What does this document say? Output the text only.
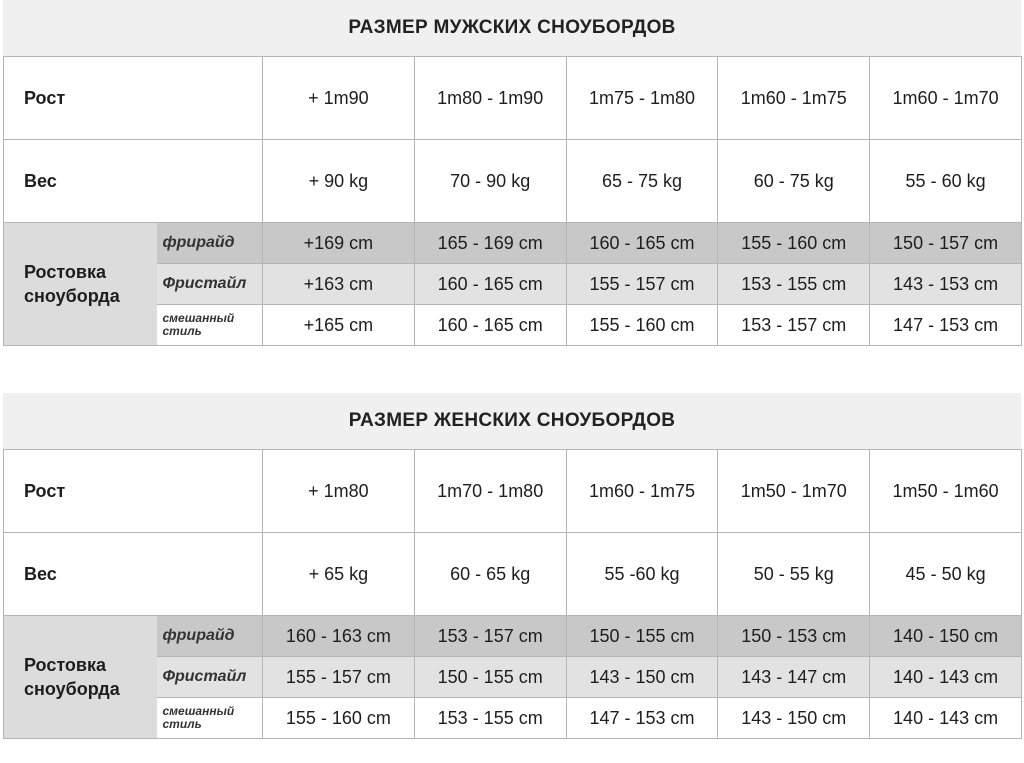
РАЗМЕР МУЖСКИХ СНОУБОРДОВ
Рост		+ 1m90	1m80 - 1m90	1m75 - 1m80	1m60 - 1m75	1m60 - 1m70
Вес		+ 90 kg	70 - 90 kg	65 - 75 kg	60 - 75 kg	55 - 60 kg

Ростовка
сноуборда	фрирайд	+169 cm	165 - 169 cm	160 - 165 cm	155 - 160 cm	150 - 157 cm
	Фристайл	+163 cm	160 - 165 cm	155 - 157 cm	153 - 155 cm	143 - 153 cm

	смешанный
стиль	+165 cm	160 - 165 cm	155 - 160 cm	153 - 157 cm	147 - 153 cm
РАЗМЕР ЖЕНСКИХ СНОУБОРДОВ
Рост		+ 1m80	1m70 - 1m80	1m60 - 1m75	1m50 - 1m70	1m50 - 1m60
Вес		+ 65 kg	60 - 65 kg	55 -60 kg	50 - 55 kg	45 - 50 kg

Ростовка
сноуборда	фрирайд	160 - 163 cm	153 - 157 cm	150 - 155 cm	150 - 153 cm	140 - 150 cm
	Фристайл	155 - 157 cm	150 - 155 cm	143 - 150 cm	143 - 147 cm	140 - 143 cm

	смешанный
стиль	155 - 160 cm	153 - 155 cm	147 - 153 cm	143 - 150 cm	140 - 143 cm
